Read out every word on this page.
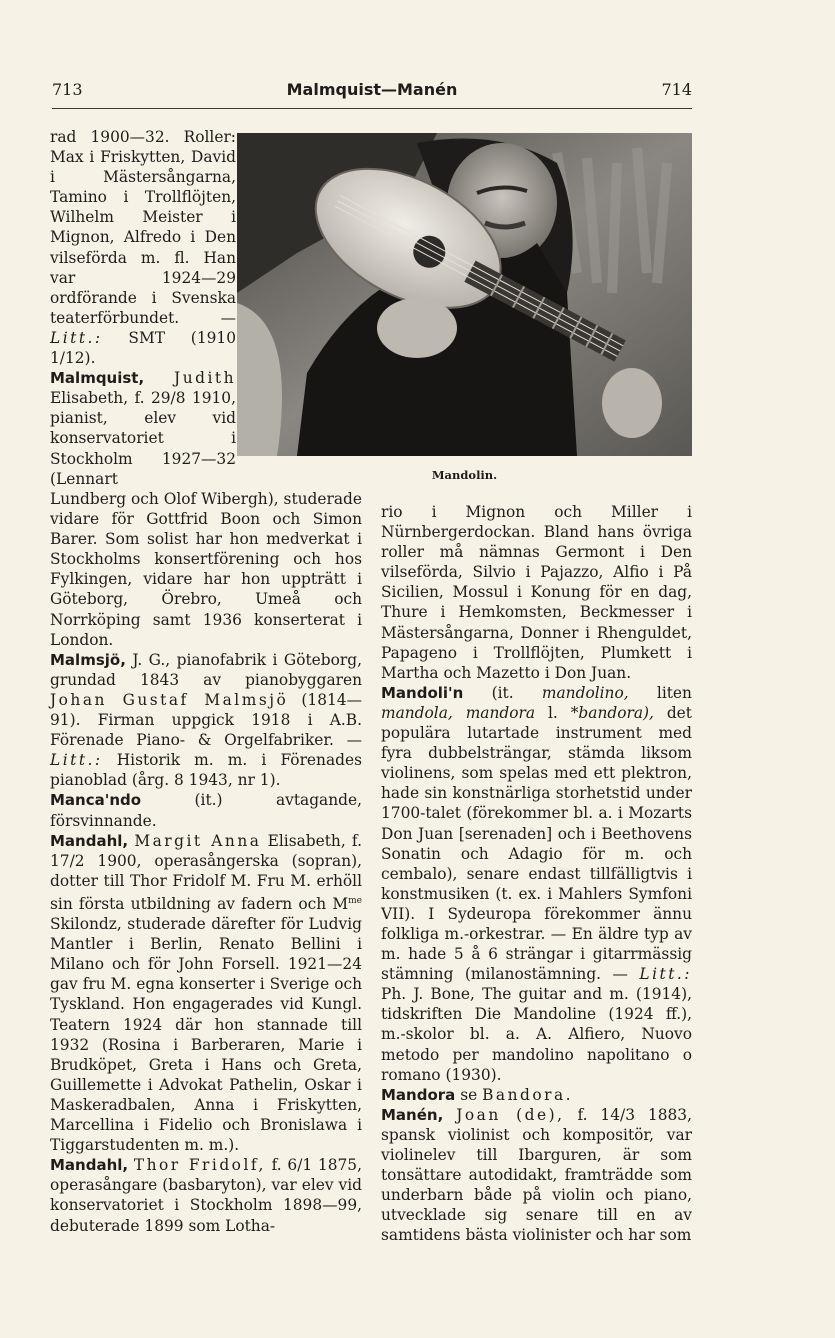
713	Malmquist—Manén	714

rad 1900—32. Roller: Max i Friskytten, David i Mästersångarna, Tamino i Trollflöjten, Wilhelm Meister i Mignon, Alfredo i Den vilseförda m. fl. Han var 1924—29 ordförande i Svenska teaterförbundet. — Litt.: SMT (1910 1/12).

Malmquist, Judith Elisabeth, f. 29/8 1910, pianist, elev vid konservatoriet i Stockholm 1927—32 (Lennart	Mandolin.

Lundberg och Olof Wibergh), studerade vidare för Gottfrid Boon och Simon Barer. Som solist har hon medverkat i Stockholms konsertförening och hos Fylkingen, vidare har hon uppträtt i Göteborg, Örebro, Umeå och Norrköping samt 1936 konserterat i London.

Malmsjö, J. G., pianofabrik i Göteborg, grundad 1843 av pianobyggaren Johan Gustaf Malmsjö (1814—91). Firman uppgick 1918 i A.B. Förenade Piano- & Orgelfabriker. — Litt.: Historik m. m. i Förenades pianoblad (årg. 8 1943, nr 1).

Manca'ndo	(it.) avtagande, försvinnande.

Mandahl, Margit Anna Elisabeth, f. 17/2 1900, operasångerska (sopran), dotter till Thor Fridolf M. Fru M. erhöll sin första utbildning av fadern och $M^{me}$ Skilondz, studerade därefter för Ludvig Mantler i Berlin, Renato Bellini i Milano och för John Forsell. 1921—24 gav fru M. egna konserter i Sverige och Tyskland. Hon engagerades vid Kungl. Teatern 1924 där hon stannade till 1932 (Rosina i Barberaren, Marie i Brudköpet, Greta i Hans och Greta, Guillemette i Advokat Pathelin, Oskar i Maskeradbalen, Anna i Friskytten, Marcellina i Fidelio och Bronislawa i Tiggarstudenten m. m.).

Mandahl, Thor Fridolf, f. 6/1 1875, operasångare (basbaryton), var elev vid konservatoriet i Stockholm 1898—99, debuterade 1899 som Lotha-

rio i Mignon och Miller i Nürnbergerdockan. Bland hans övriga roller må nämnas Germont i Den vilseförda, Silvio i Pajazzo, Alfio i På Sicilien, Mossul i Konung för en dag, Thure i Hemkomsten, Beckmesser i Mästersångarna, Donner i Rhenguldet, Papageno i Trollflöjten, Plumkett i Martha och Mazetto i Don Juan.

Mandoli'n (it. mandolino, liten mandola, mandora l. *bandora), det populära lutartade instrument med fyra dubbelsträngar, stämda liksom violinens, som spelas med ett plektron, hade sin konstnärliga storhetstid under 1700-talet (förekommer bl. a. i Mozarts Don Juan [serenaden] och i Beethovens Sonatin och Adagio för m. och cembalo), senare endast tillfälligtvis i konstmusiken (t. ex. i Mahlers Symfoni VII). I Sydeuropa förekommer ännu folkliga m.-orkestrar. — En äldre typ av m. hade 5 å 6 strängar i gitarrmässig stämning (milanostämning. — Litt.: Ph. J. Bone, The guitar and m. (1914), tidskriften Die Mandoline (1924 ff.), m.-skolor bl. a. A. Alfiero, Nuovo metodo per mandolino napolitano o romano (1930).

Mandora se Bandora.

Manén, Joan (de), f. 14/3 1883, spansk violinist och kompositör, var violinelev till Ibarguren, är som tonsättare autodidakt, framträdde som underbarn både på violin och piano, utvecklade sig senare till en av samtidens bästa violinister och har som
